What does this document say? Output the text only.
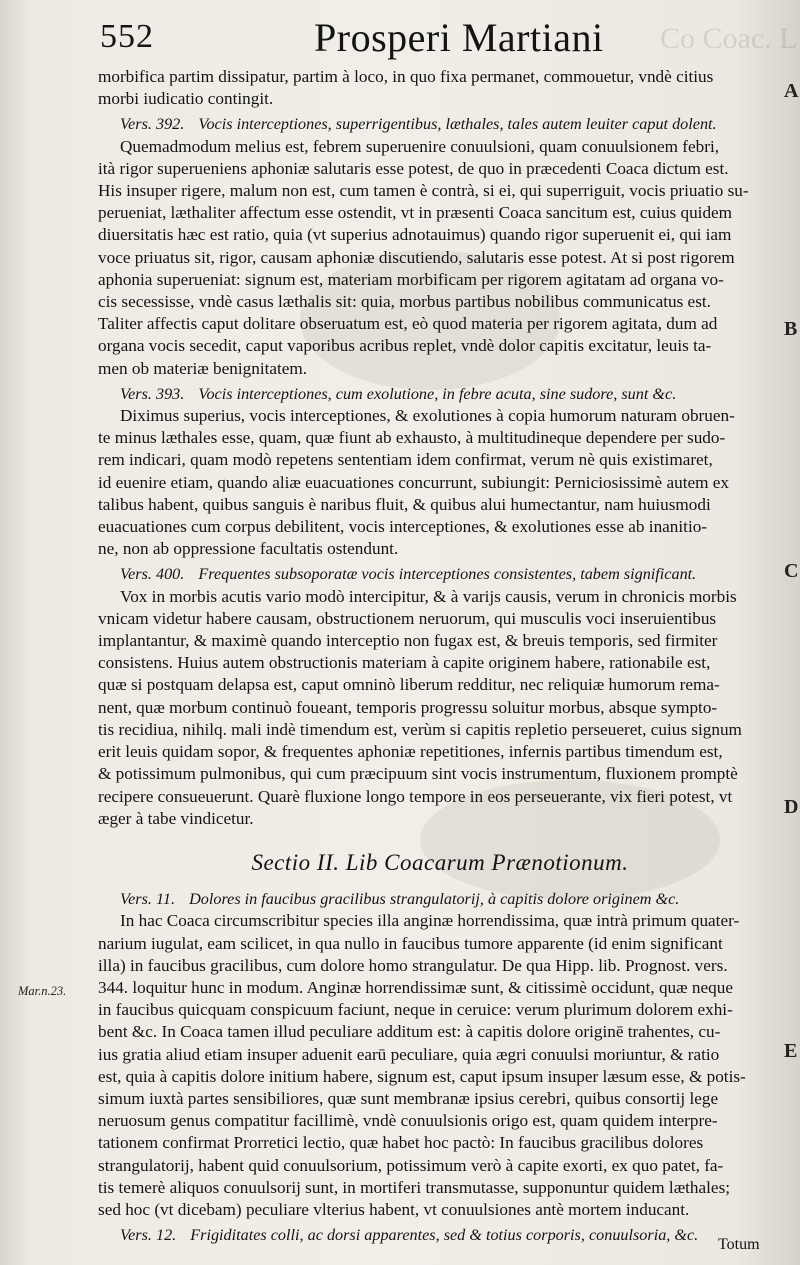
552	Prosperi Martiani Co Coac. L
A
B
C
D
E
Mar.n.23.
morbifica partim dissipatur, partim à loco, in quo fixa permanet, commouetur, vndè citius
morbi iudicatio contingit.
Vers. 392. Vocis interceptiones, superrigentibus, læthales, tales autem leuiter caput dolent.
Quemadmodum melius est, febrem superuenire conuulsioni, quam conuulsionem febri,
ità rigor superueniens aphoniæ salutaris esse potest, de quo in præcedenti Coaca dictum est.
His insuper rigere, malum non est, cum tamen è contrà, si ei, qui superriguit, vocis priuatio su-
perueniat, læthaliter affectum esse ostendit, vt in præsenti Coaca sancitum est, cuius quidem
diuersitatis hæc est ratio, quia (vt superius adnotauimus) quando rigor superuenit ei, qui iam
voce priuatus sit, rigor, causam aphoniæ discutiendo, salutaris esse potest. At si post rigorem
aphonia superueniat: signum est, materiam morbificam per rigorem agitatam ad organa vo-
cis secessisse, vndè casus læthalis sit: quia, morbus partibus nobilibus communicatus est.
Taliter affectis caput dolitare obseruatum est, eò quod materia per rigorem agitata, dum ad
organa vocis secedit, caput vaporibus acribus replet, vndè dolor capitis excitatur, leuis ta-
men ob materiæ benignitatem.
Vers. 393. Vocis interceptiones, cum exolutione, in febre acuta, sine sudore, sunt &c.
Diximus superius, vocis interceptiones, & exolutiones à copia humorum naturam obruen-
te minus læthales esse, quam, quæ fiunt ab exhausto, à multitudineque dependere per sudo-
rem indicari, quam modò repetens sententiam idem confirmat, verum nè quis existimaret,
id euenire etiam, quando aliæ euacuationes concurrunt, subiungit: Perniciosissimè autem ex
talibus habent, quibus sanguis è naribus fluit, & quibus alui humectantur, nam huiusmodi
euacuationes cum corpus debilitent, vocis interceptiones, & exolutiones esse ab inanitio-
ne, non ab oppressione facultatis ostendunt.
Vers. 400. Frequentes subsoporatæ vocis interceptiones consistentes, tabem significant.
Vox in morbis acutis vario modò intercipitur, & à varijs causis, verum in chronicis morbis
vnicam videtur habere causam, obstructionem neruorum, qui musculis voci inseruientibus
implantantur, & maximè quando interceptio non fugax est, & breuis temporis, sed firmiter
consistens. Huius autem obstructionis materiam à capite originem habere, rationabile est,
quæ si postquam delapsa est, caput omninò liberum redditur, nec reliquiæ humorum rema-
nent, quæ morbum continuò foueant, temporis progressu soluitur morbus, absque sympto-
tis recidiua, nihilq. mali indè timendum est, verùm si capitis repletio perseueret, cuius signum
erit leuis quidam sopor, & frequentes aphoniæ repetitiones, infernis partibus timendum est,
& potissimum pulmonibus, qui cum præcipuum sint vocis instrumentum, fluxionem promptè
recipere consueuerunt. Quarè fluxione longo tempore in eos perseuerante, vix fieri potest, vt
æger à tabe vindicetur.
Sectio II. Lib Coacarum Prænotionum.
Vers. 11. Dolores in faucibus gracilibus strangulatorij, à capitis dolore originem &c.
In hac Coaca circumscribitur species illa anginæ horrendissima, quæ intrà primum quater-
narium iugulat, eam scilicet, in qua nullo in faucibus tumore apparente (id enim significant
illa) in faucibus gracilibus, cum dolore homo strangulatur. De qua Hipp. lib. Prognost. vers.
344. loquitur hunc in modum. Anginæ horrendissimæ sunt, & citissimè occidunt, quæ neque
in faucibus quicquam conspicuum faciunt, neque in ceruice: verum plurimum dolorem exhi-
bent &c. In Coaca tamen illud peculiare additum est: à capitis dolore originē trahentes, cu-
ius gratia aliud etiam insuper aduenit earū peculiare, quia ægri conuulsi moriuntur, & ratio
est, quia à capitis dolore initium habere, signum est, caput ipsum insuper læsum esse, & potis-
simum iuxtà partes sensibiliores, quæ sunt membranæ ipsius cerebri, quibus consortij lege
neruosum genus compatitur facillimè, vndè conuulsionis origo est, quam quidem interpre-
tationem confirmat Prorretici lectio, quæ habet hoc pactò: In faucibus gracilibus dolores
strangulatorij, habent quid conuulsorium, potissimum verò à capite exorti, ex quo patet, fa-
tis temerè aliquos conuulsorij sunt, in mortiferi transmutasse, supponuntur quidem læthales;
sed hoc (vt dicebam) peculiare vlterius habent, vt conuulsiones antè mortem inducant.
Vers. 12. Frigiditates colli, ac dorsi apparentes, sed & totius corporis, conuulsoria, &c.
Totum
